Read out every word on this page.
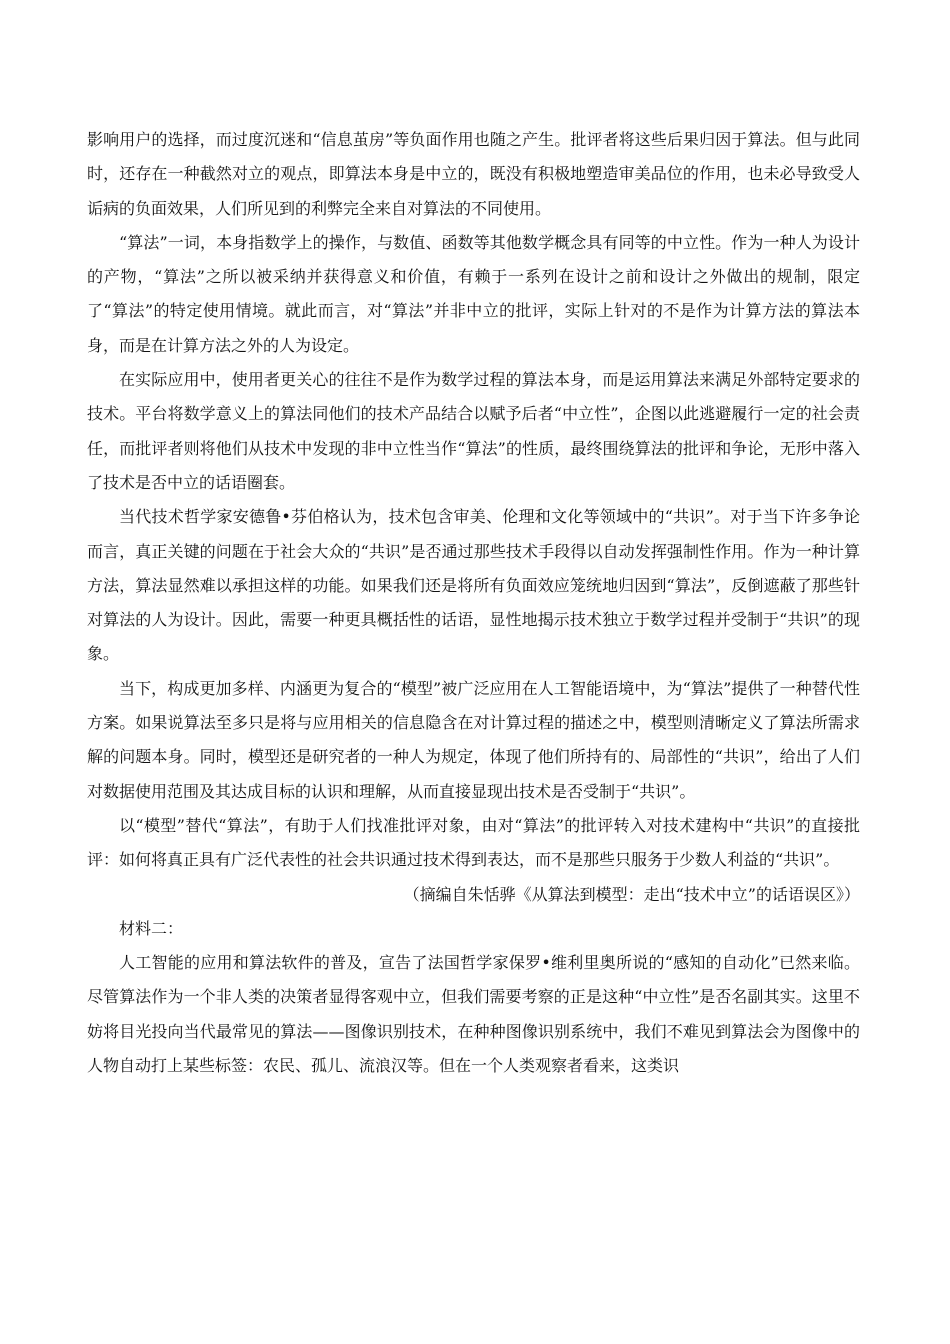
影响用户的选择，而过度沉迷和“信息茧房”等负面作用也随之产生。批评者将这些后果归因于算法。但与此同时，还存在一种截然对立的观点，即算法本身是中立的，既没有积极地塑造审美品位的作用，也未必导致受人诟病的负面效果，人们所见到的利弊完全来自对算法的不同使用。

“算法”一词，本身指数学上的操作，与数值、函数等其他数学概念具有同等的中立性。作为一种人为设计的产物，“算法”之所以被采纳并获得意义和价值，有赖于一系列在设计之前和设计之外做出的规制，限定了“算法”的特定使用情境。就此而言，对“算法”并非中立的批评，实际上针对的不是作为计算方法的算法本身，而是在计算方法之外的人为设定。

在实际应用中，使用者更关心的往往不是作为数学过程的算法本身，而是运用算法来满足外部特定要求的技术。平台将数学意义上的算法同他们的技术产品结合以赋予后者“中立性”，企图以此逃避履行一定的社会责任，而批评者则将他们从技术中发现的非中立性当作“算法”的性质，最终围绕算法的批评和争论，无形中落入了技术是否中立的话语圈套。

当代技术哲学家安德鲁•芬伯格认为，技术包含审美、伦理和文化等领域中的“共识”。对于当下许多争论而言，真正关键的问题在于社会大众的“共识”是否通过那些技术手段得以自动发挥强制性作用。作为一种计算方法，算法显然难以承担这样的功能。如果我们还是将所有负面效应笼统地归因到“算法”，反倒遮蔽了那些针对算法的人为设计。因此，需要一种更具概括性的话语，显性地揭示技术独立于数学过程并受制于“共识”的现象。

当下，构成更加多样、内涵更为复合的“模型”被广泛应用在人工智能语境中，为“算法”提供了一种替代性方案。如果说算法至多只是将与应用相关的信息隐含在对计算过程的描述之中，模型则清晰定义了算法所需求解的问题本身。同时，模型还是研究者的一种人为规定，体现了他们所持有的、局部性的“共识”，给出了人们对数据使用范围及其达成目标的认识和理解，从而直接显现出技术是否受制于“共识”。

以“模型”替代“算法”，有助于人们找准批评对象，由对“算法”的批评转入对技术建构中“共识”的直接批评：如何将真正具有广泛代表性的社会共识通过技术得到表达，而不是那些只服务于少数人利益的“共识”。

（摘编自朱恬骅《从算法到模型：走出“技术中立”的话语误区》）

材料二：

人工智能的应用和算法软件的普及，宣告了法国哲学家保罗•维利里奥所说的“感知的自动化”已然来临。尽管算法作为一个非人类的决策者显得客观中立，但我们需要考察的正是这种“中立性”是否名副其实。这里不妨将目光投向当代最常见的算法——图像识别技术，在种种图像识别系统中，我们不难见到算法会为图像中的人物自动打上某些标签：农民、孤儿、流浪汉等。但在一个人类观察者看来，这类识
